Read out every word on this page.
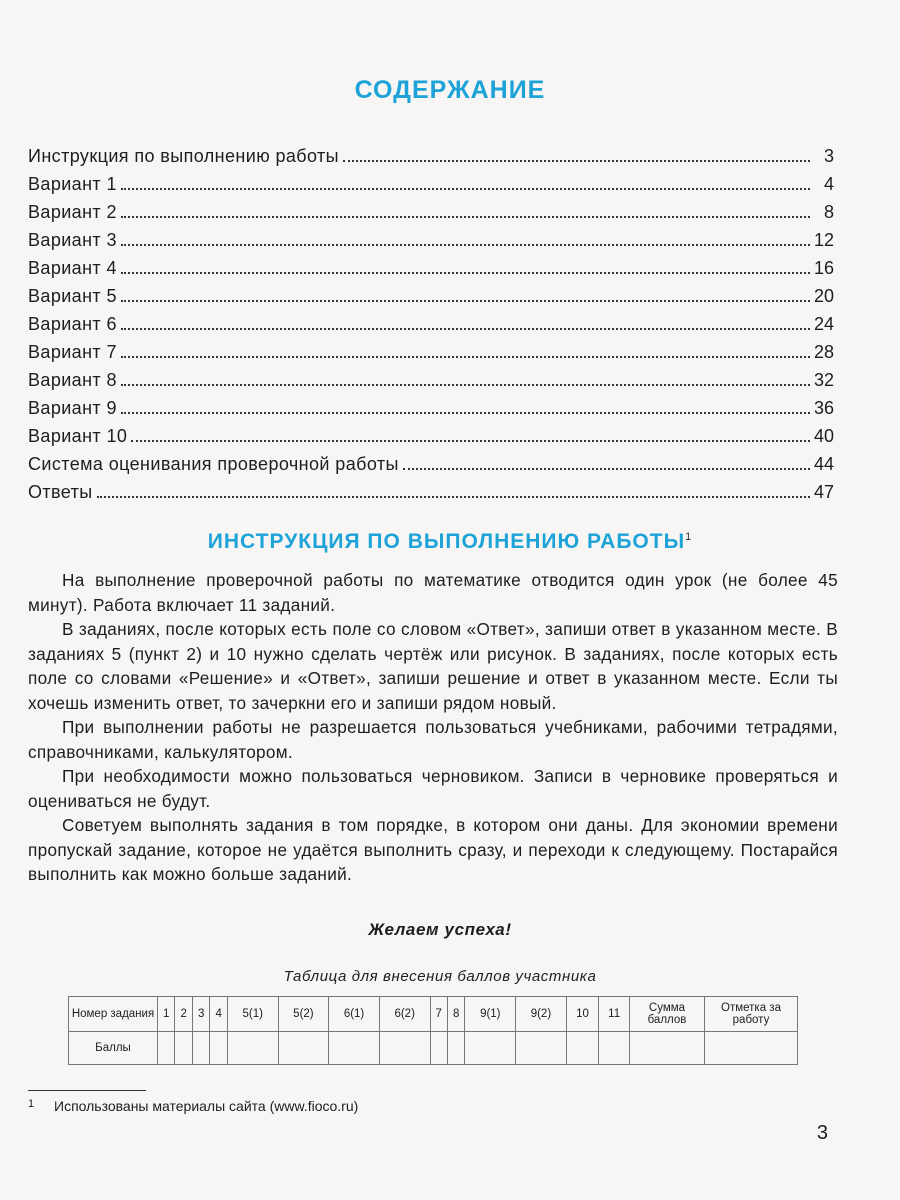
СОДЕРЖАНИЕ
Инструкция по выполнению работы	3
Вариант 1	4
Вариант 2	8
Вариант 3	12
Вариант 4	16
Вариант 5	20
Вариант 6	24
Вариант 7	28
Вариант 8	32
Вариант 9	36
Вариант 10	40
Система оценивания проверочной работы	44
Ответы	47
ИНСТРУКЦИЯ ПО ВЫПОЛНЕНИЮ РАБОТЫ$^1$

На выполнение проверочной работы по математике отводится один урок (не более 45 минут). Работа включает 11 заданий.

В заданиях, после которых есть поле со словом «Ответ», запиши ответ в указанном месте. В заданиях 5 (пункт 2) и 10 нужно сделать чертёж или рисунок. В заданиях, после которых есть поле со словами «Решение» и «Ответ», запиши решение и ответ в указанном месте. Если ты хочешь изменить ответ, то зачеркни его и запиши рядом новый.

При выполнении работы не разрешается пользоваться учебниками, рабочими тетрадями, справочниками, калькулятором.

При необходимости можно пользоваться черновиком. Записи в черновике проверяться и оцениваться не будут.

Советуем выполнять задания в том порядке, в котором они даны. Для экономии времени пропускай задание, которое не удаётся выполнить сразу, и переходи к следующему. Постарайся выполнить как можно больше заданий.

Желаем успеха!
Таблица для внесения баллов участника
Номер задания	1	2	3	4	5(1)	5(2)	6(1)	6(2)	7	8	9(1)	9(2)	10	11	Сумма баллов	Отметка за работу
Баллы																
1 Использованы материалы сайта (www.fioco.ru)
3
